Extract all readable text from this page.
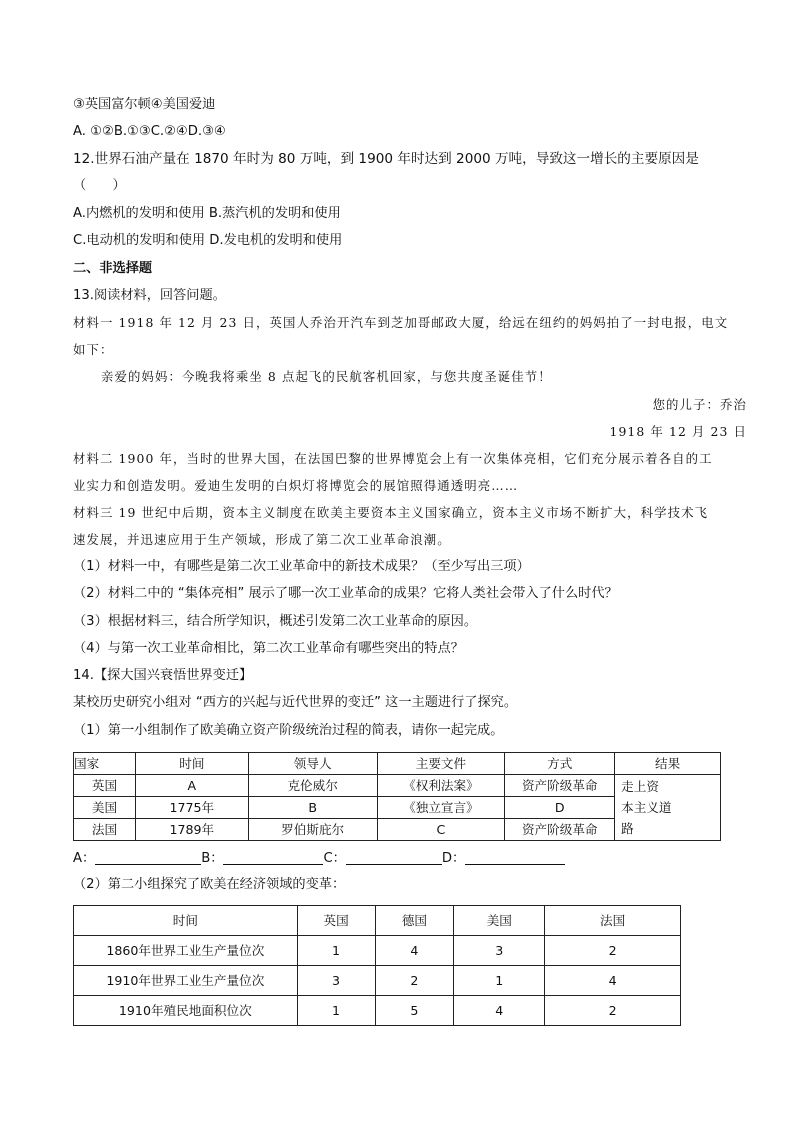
③英国富尔顿④美国爱迪
A. ①②B.①③C.②④D.③④
12.世界石油产量在 1870 年时为 80 万吨，到 1900 年时达到 2000 万吨，导致这一增长的主要原因是
（　　）
A.内燃机的发明和使用 B.蒸汽机的发明和使用
C.电动机的发明和使用 D.发电机的发明和使用
二、非选择题
13.阅读材料，回答问题。
材料一 1918 年 12 月 23 日，英国人乔治开汽车到芝加哥邮政大厦，给远在纽约的妈妈拍了一封电报，电文
如下：
亲爱的妈妈：今晚我将乘坐 8 点起飞的民航客机回家，与您共度圣诞佳节！
您的儿子：乔治
1918 年 12 月 23 日
材料二 1900 年，当时的世界大国，在法国巴黎的世界博览会上有一次集体亮相，它们充分展示着各自的工
业实力和创造发明。爱迪生发明的白炽灯将博览会的展馆照得通透明亮……
材料三 19 世纪中后期，资本主义制度在欧美主要资本主义国家确立，资本主义市场不断扩大，科学技术飞
速发展，并迅速应用于生产领域，形成了第二次工业革命浪潮。
（1）材料一中，有哪些是第二次工业革命中的新技术成果？（至少写出三项）
（2）材料二中的 “集体亮相” 展示了哪一次工业革命的成果？它将人类社会带入了什么时代？
（3）根据材料三，结合所学知识，概述引发第二次工业革命的原因。
（4）与第一次工业革命相比，第二次工业革命有哪些突出的特点？
14.【探大国兴衰悟世界变迁】
某校历史研究小组对 “西方的兴起与近代世界的变迁” 这一主题进行了探究。
（1）第一小组制作了欧美确立资产阶级统治过程的简表，请你一起完成。
国家	时间	领导人	主要文件	方式	结果
英国	A	克伦威尔	《权利法案》	资产阶级革命	走上资
本主义道
路

美国	1775年	B	《独立宣言》	D	
法国	1789年	罗伯斯庇尔	C	资产阶级革命	
A：	B：	C：	D：
（2）第二小组探究了欧美在经济领域的变革：
时间	英国	德国	美国	法国
1860年世界工业生产量位次	1	4	3	2
1910年世界工业生产量位次	3	2	1	4
1910年殖民地面积位次	1	5	4	2
